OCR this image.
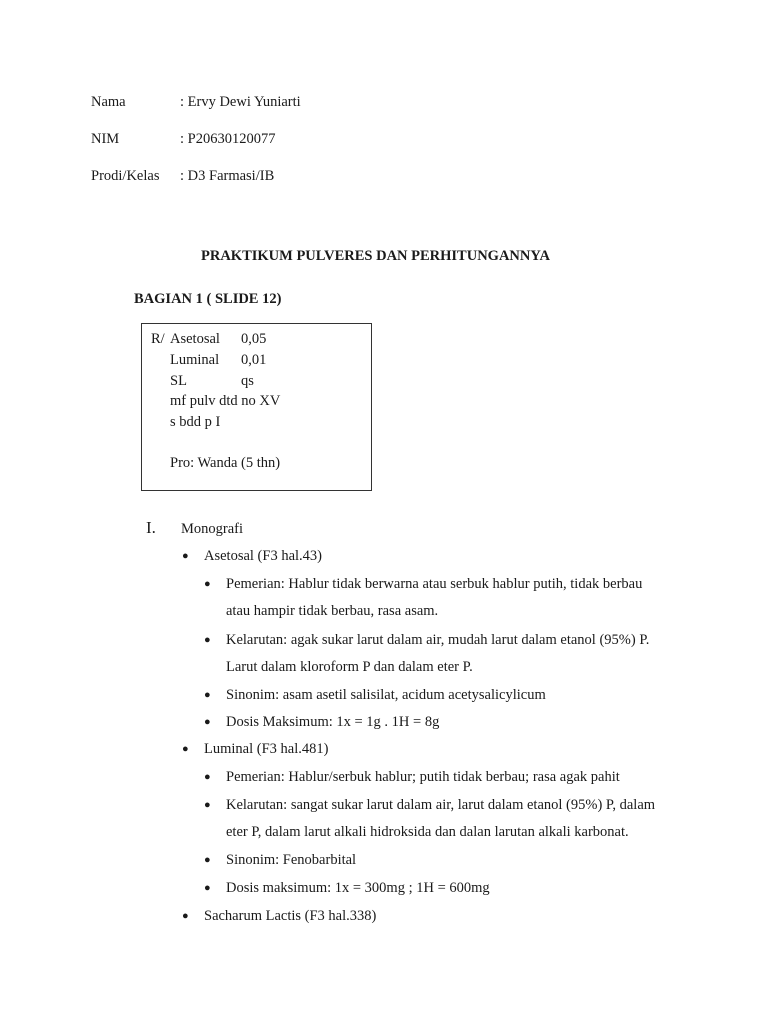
Nama	: Ervy Dewi Yuniarti
NIM	: P20630120077
Prodi/Kelas : D3 Farmasi/IB
PRAKTIKUM PULVERES DAN PERHITUNGANNYA
BAGIAN 1 ( SLIDE 12)
R/ Asetosal 0,05
Luminal 0,01
SL	qs
mf pulv dtd no XV
s bdd p I
Pro: Wanda (5 thn)
I. Monografi
● Asetosal (F3 hal.43)
● Pemerian: Hablur tidak berwarna atau serbuk hablur putih, tidak berbau
atau hampir tidak berbau, rasa asam.
● Kelarutan: agak sukar larut dalam air, mudah larut dalam etanol (95%) P.
Larut dalam kloroform P dan dalam eter P.
● Sinonim: asam asetil salisilat, acidum acetysalicylicum
● Dosis Maksimum: 1x = 1g . 1H = 8g
● Luminal (F3 hal.481)
● Pemerian: Hablur/serbuk hablur; putih tidak berbau; rasa agak pahit
● Kelarutan: sangat sukar larut dalam air, larut dalam etanol (95%) P, dalam
eter P, dalam larut alkali hidroksida dan dalan larutan alkali karbonat.
● Sinonim: Fenobarbital
● Dosis maksimum: 1x = 300mg ; 1H = 600mg
● Sacharum Lactis (F3 hal.338)
